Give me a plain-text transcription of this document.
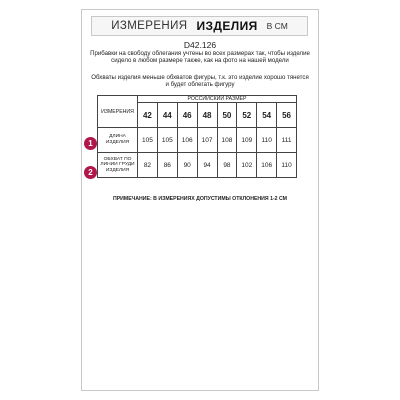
ИЗМЕРЕНИЯ ИЗДЕЛИЯ В СМ
D42.126
Прибавки на свободу облегания учтены во всех размерах так, чтобы изделие сидело в любом размере также, как на фото на нашей модели
Обхваты изделия меньше обхватов фигуры, т.к. это изделие хорошо тянется и будет облегать фигуру
ИЗМЕРЕНИЯ	РОССИЙСКИЙ РАЗМЕР							
	42	44	46	48	50	52	54	56
ДЛИНА ИЗДЕЛИЯ	105	105	106	107	108	109	110	111
ОБХВАТ ПО ЛИНИИ ГРУДИ ИЗДЕЛИЯ	82	86	90	94	98	102	106	110
1
2
ПРИМЕЧАНИЕ: В ИЗМЕРЕНИЯХ ДОПУСТИМЫ ОТКЛОНЕНИЯ 1-2 СМ
